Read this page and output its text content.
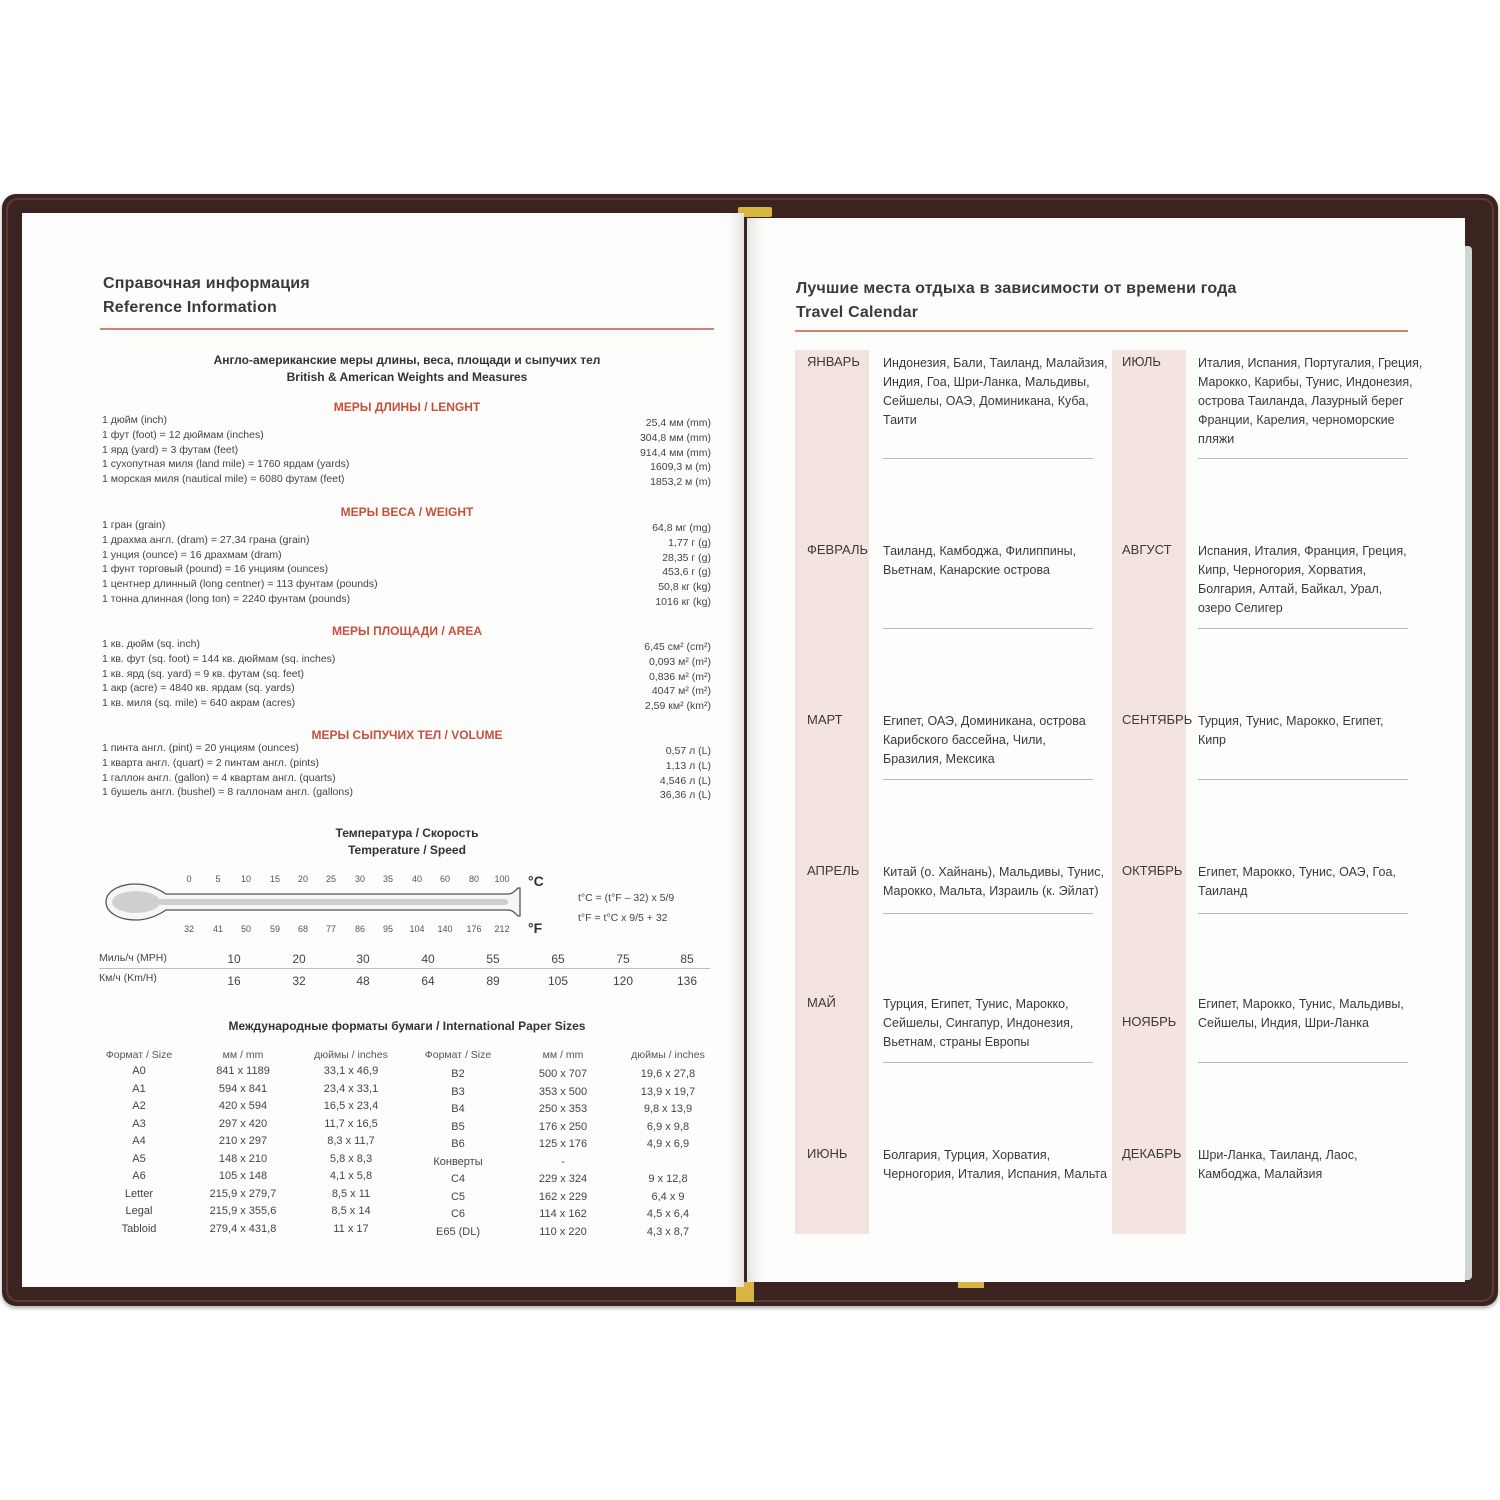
Справочная информация
Reference Information
Англо-американские меры длины, веса, площади и сыпучих тел
British & American Weights and Measures
МЕРЫ ДЛИНЫ / LENGHT
1 дюйм (inch)	25,4 мм (mm)
1 фут (foot) = 12 дюймам (inches)	304,8 мм (mm)
1 ярд (yard) = 3 футам (feet)	914,4 мм (mm)
1 сухопутная миля (land mile) = 1760 ярдам (yards)	1609,3 м (m)
1 морская миля (nautical mile) = 6080 футам (feet)	1853,2 м (m)
МЕРЫ ВЕСА / WEIGHT
1 гран (grain)	64,8 мг (mg)
1 драхма англ. (dram) = 27,34 грана (grain)	1,77 г (g)
1 унция (ounce) = 16 драхмам (dram)	28,35 г (g)
1 фунт торговый (pound) = 16 унциям (ounces)	453,6 г (g)
1 центнер длинный (long centner) = 113 фунтам (pounds)	50,8 кг (kg)
1 тонна длинная (long ton) = 2240 фунтам (pounds)	1016 кг (kg)
МЕРЫ ПЛОЩАДИ / AREA
1 кв. дюйм (sq. inch)	6,45 см² (cm²)
1 кв. фут (sq. foot) = 144 кв. дюймам (sq. inches)	0,093 м² (m²)
1 кв. ярд (sq. yard) = 9 кв. футам (sq. feet)	0,836 м² (m²)
1 акр (acre) = 4840 кв. ярдам (sq. yards)	4047 м² (m²)
1 кв. миля (sq. mile) = 640 акрам (acres)	2,59 км² (km²)
МЕРЫ СЫПУЧИХ ТЕЛ / VOLUME
1 пинта англ. (pint) = 20 унциям (ounces)	0,57 л (L)
1 кварта англ. (quart) = 2 пинтам англ. (pints)	1,13 л (L)
1 галлон англ. (gallon) = 4 квартам англ. (quarts)	4,546 л (L)
1 бушель англ. (bushel) = 8 галлонам англ. (gallons)	36,36 л (L)
Температура / Скорость
Temperature / Speed
0	5	10	15	20	25	30	35	40	60	80	100
32	41	50	59	68	77	86	95	104	140	176	212
°C
°F
t°C = (t°F – 32) x 5/9
t°F = t°C x 9/5 + 32
Миль/ч (MPH)
Км/ч (Km/H)
10	20	30	40	55	65	75	85
16	32	48	64	89	105	120	136
Международные форматы бумаги / International Paper Sizes
Формат / Size	мм / mm	дюймы / inches	Формат / Size	мм / mm	дюймы / inches
A0	841 x 1189	33,1 x 46,9
A1	594 x 841	23,4 x 33,1
A2	420 x 594	16,5 x 23,4
A3	297 x 420	11,7 x 16,5
A4	210 x 297	8,3 x 11,7
A5	148 x 210	5,8 x 8,3
A6	105 x 148	4,1 x 5,8
Letter	215,9 x 279,7	8,5 x 11
Legal	215,9 x 355,6	8,5 x 14
Tabloid	279,4 x 431,8	11 x 17
B2	500 x 707	19,6 x 27,8
B3	353 x 500	13,9 x 19,7
B4	250 x 353	9,8 x 13,9
B5	176 x 250	6,9 x 9,8
B6	125 x 176	4,9 x 6,9
Конверты	-
C4	229 x 324	9 x 12,8
C5	162 x 229	6,4 x 9
C6	114 x 162	4,5 x 6,4
E65 (DL)	110 x 220	4,3 x 8,7
Лучшие места отдыха в зависимости от времени года
Travel Calendar
ЯНВАРЬ Индонезия, Бали, Таиланд, Малайзия,
Индия, Гоа, Шри-Ланка, Мальдивы,
Сейшелы, ОАЭ, Доминикана, Куба,
Таити
ФЕВРАЛЬ Таиланд, Камбоджа, Филиппины,
Вьетнам, Канарские острова
МАРТ	Египет, ОАЭ, Доминикана, острова
Карибского бассейна, Чили,
Бразилия, Мексика
АПРЕЛЬ Китай (о. Хайнань), Мальдивы, Тунис,
Марокко, Мальта, Израиль (к. Эйлат)
МАЙ	Турция, Египет, Тунис, Марокко,
Сейшелы, Сингапур, Индонезия,
Вьетнам, страны Европы
ИЮНЬ	Болгария, Турция, Хорватия,
Черногория, Италия, Испания, Мальта
ИЮЛЬ	Италия, Испания, Португалия, Греция,
Марокко, Карибы, Тунис, Индонезия,
острова Таиланда, Лазурный берег
Франции, Карелия, черноморские
пляжи
АВГУСТ Испания, Италия, Франция, Греция,
Кипр, Черногория, Хорватия,
Болгария, Алтай, Байкал, Урал,
озеро Селигер
СЕНТЯБРЬ Турция, Тунис, Марокко, Египет,
Кипр
ОКТЯБРЬ Египет, Марокко, Тунис, ОАЭ, Гоа,
Таиланд
НОЯБРЬ
Египет, Марокко, Тунис, Мальдивы,
Сейшелы, Индия, Шри-Ланка
ДЕКАБРЬ Шри-Ланка, Таиланд, Лаос,
Камбоджа, Малайзия
